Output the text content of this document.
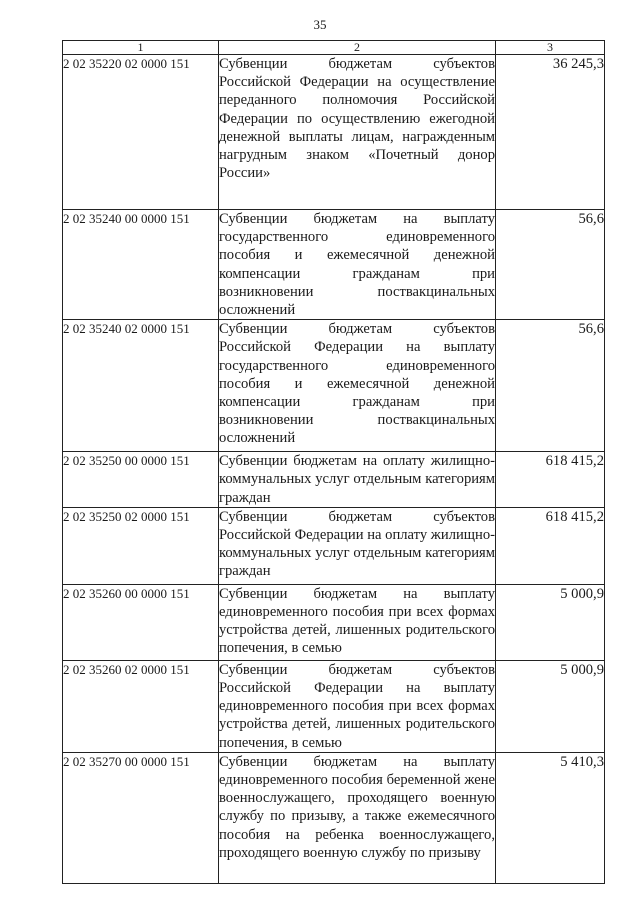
35
1	2	3
2 02 35220 02 0000 151	Субвенции бюджетам субъектов Российской Федерации на осуществление переданного полномочия Российской Федерации по осуществлению ежегодной денежной выплаты лицам, награжденным нагрудным знаком «Почетный донор России»	36 245,3
2 02 35240 00 0000 151	Субвенции бюджетам на выплату государственного единовременного пособия и ежемесячной денежной компенсации гражданам при возникновении поствакцинальных осложнений	56,6
2 02 35240 02 0000 151	Субвенции бюджетам субъектов Российской Федерации на выплату государственного единовременного пособия и ежемесячной денежной компенсации гражданам при возникновении поствакцинальных осложнений	56,6
2 02 35250 00 0000 151	Субвенции бюджетам на оплату жилищно-коммунальных услуг отдельным категориям граждан	618 415,2
2 02 35250 02 0000 151	Субвенции бюджетам субъектов Российской Федерации на оплату жилищно-коммунальных услуг отдельным категориям граждан	618 415,2
2 02 35260 00 0000 151	Субвенции бюджетам на выплату единовременного пособия при всех формах устройства детей, лишенных родительского попечения, в семью	5 000,9
2 02 35260 02 0000 151	Субвенции бюджетам субъектов Российской Федерации на выплату единовременного пособия при всех формах устройства детей, лишенных родительского попечения, в семью	5 000,9
2 02 35270 00 0000 151	Субвенции бюджетам на выплату единовременного пособия беременной жене военнослужащего, проходящего военную службу по призыву, а также ежемесячного пособия на ребенка военнослужащего, проходящего военную службу по призыву	5 410,3
